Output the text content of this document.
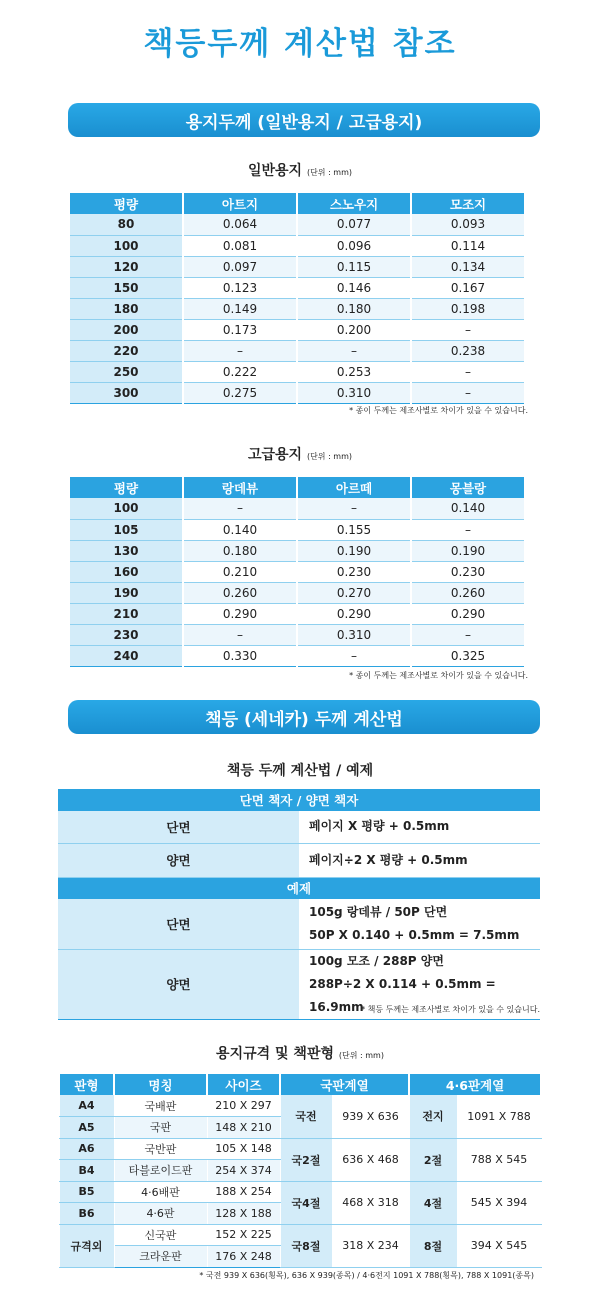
책등두께 계산법 참조
용지두께 (일반용지 / 고급용지)
일반용지 (단위 : mm)
평량	아트지	스노우지	모조지
80	0.064	0.077	0.093
100	0.081	0.096	0.114
120	0.097	0.115	0.134
150	0.123	0.146	0.167
180	0.149	0.180	0.198
200	0.173	0.200	–
220	–	–	0.238
250	0.222	0.253	–
300	0.275	0.310	–
* 종이 두께는 제조사별로 차이가 있을 수 있습니다.
고급용지 (단위 : mm)
평량	랑데뷰	아르떼	몽블랑
100	–	–	0.140
105	0.140	0.155	–
130	0.180	0.190	0.190
160	0.210	0.230	0.230
190	0.260	0.270	0.260
210	0.290	0.290	0.290
230	–	0.310	–
240	0.330	–	0.325
* 종이 두께는 제조사별로 차이가 있을 수 있습니다.
책등 (세네카) 두께 계산법
책등 두께 계산법 / 예제
단면 책자 / 양면 책자	
단면	페이지 X 평량 + 0.5mm
양면	페이지÷2 X 평량 + 0.5mm
예제	
단면	105g 랑데뷰 / 50P 단면
50P X 0.140 + 0.5mm = 7.5mm

양면	100g 모조 / 288P 양면
288P÷2 X 0.114 + 0.5mm = 16.9mm
* 책등 두께는 제조사별로 차이가 있을 수 있습니다.
용지규격 및 책판형 (단위 : mm)
판형	명칭	사이즈	국판계열		4·6판계열	
A4	국배판	210 X 297	국전	939 X 636	전지	1091 X 788
A5	국판	148 X 210				
A6	국반판	105 X 148	국2절	636 X 468	2절	788 X 545
B4	타블로이드판	254 X 374				
B5	4·6배판	188 X 254	국4절	468 X 318	4절	545 X 394
B6	4·6판	128 X 188				
규격외	신국판	152 X 225	국8절	318 X 234	8절	394 X 545
	크라운판	176 X 248				
* 국전 939 X 636(횡목), 636 X 939(종목) / 4·6전지 1091 X 788(횡목), 788 X 1091(종목)
